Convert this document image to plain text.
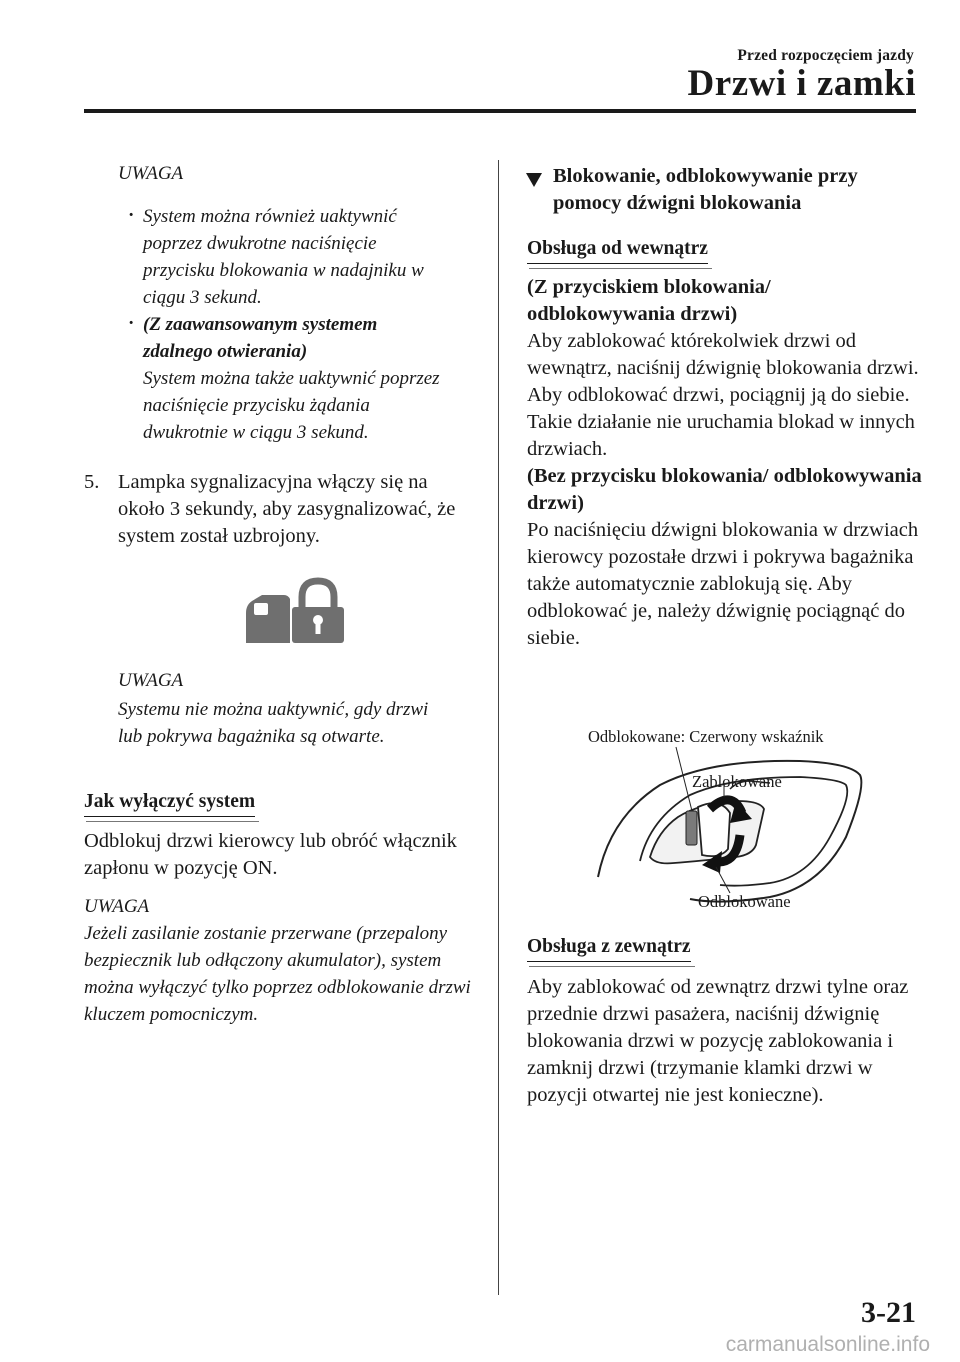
Przed rozpoczęciem jazdy
Drzwi i zamki

UWAGA

· System można również uaktywnić poprzez dwukrotne naciśnięcie przycisku blokowania w nadajniku w ciągu 3 sekund.

· (Z zaawansowanym systemem zdalnego otwierania)

System można także uaktywnić poprzez naciśnięcie przycisku żądania dwukrotnie w ciągu 3 sekund.

5. Lampka sygnalizacyjna włączy się na około 3 sekundy, aby zasygnalizować, że system został uzbrojony.

UWAGA

Systemu nie można uaktywnić, gdy drzwi lub pokrywa bagażnika są otwarte.

Jak wyłączyć system
Odblokuj drzwi kierowcy lub obróć włącznik zapłonu w pozycję ON.

UWAGA

Jeżeli zasilanie zostanie przerwane (przepalony bezpiecznik lub odłączony akumulator), system można wyłączyć tylko poprzez odblokowanie drzwi kluczem pomocniczym.

Blokowanie, odblokowywanie przy pomocy dźwigni blokowania

Obsługa od wewnątrz

(Z przyciskiem blokowania/ odblokowywania drzwi)

Aby zablokować którekolwiek drzwi od wewnątrz, naciśnij dźwignię blokowania drzwi.

Aby odblokować drzwi, pociągnij ją do siebie.

Takie działanie nie uruchamia blokad w innych drzwiach.

(Bez przycisku blokowania/ odblokowywania drzwi)

Po naciśnięciu dźwigni blokowania w drzwiach kierowcy pozostałe drzwi i pokrywa bagażnika także automatycznie zablokują się. Aby odblokować je, należy dźwignię pociągnąć do siebie.

Odblokowane: Czerwony wskaźnik
Zablokowane
Odblokowane
Obsługa z zewnątrz
Aby zablokować od zewnątrz drzwi tylne oraz przednie drzwi pasażera, naciśnij dźwignię blokowania drzwi w pozycję zablokowania i zamknij drzwi (trzymanie klamki drzwi w pozycji otwartej nie jest konieczne).
3-21
carmanualsonline.info
